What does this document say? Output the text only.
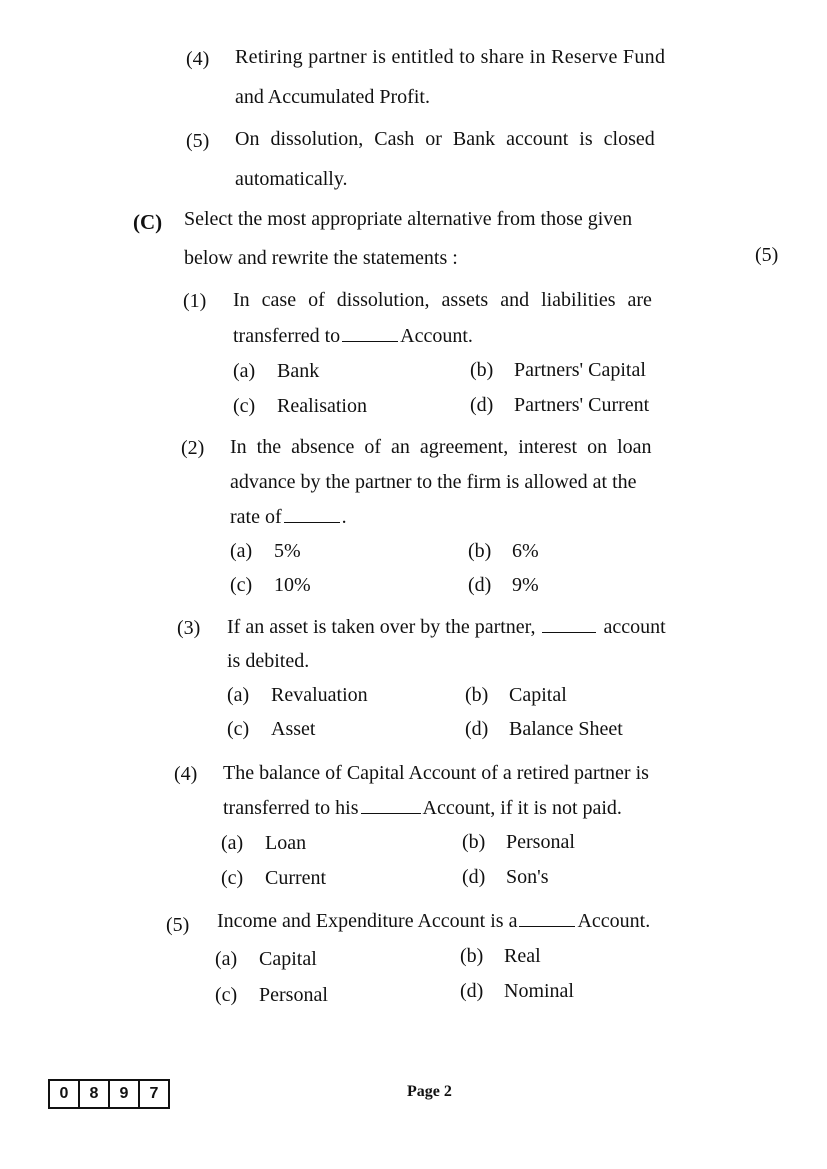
(4) Retiring partner is entitled to share in Reserve Fund
and Accumulated Profit.
(5) On dissolution, Cash or Bank account is closed
automatically.
(C) Select the most appropriate alternative from those given
below and rewrite the statements :	(5)
(1) In case of dissolution, assets and liabilities are
transferred to	Account.
(a) Bank	(b) Partners' Capital
(c) Realisation	(d) Partners' Current
(2) In the absence of an agreement, interest on loan
advance by the partner to the firm is allowed at the
rate of	.
(a) 5%	(b) 6%
(c) 10%	(d) 9%
(3) If an asset is taken over by the partner,	account
is debited.
(a) Revaluation	(b) Capital
(c) Asset	(d) Balance Sheet
(4) The balance of Capital Account of a retired partner is
transferred to his	Account, if it is not paid.
(a) Loan	(b) Personal
(c) Current	(d) Son's
(5) Income and Expenditure Account is a	Account.
(a) Capital	(b) Real
(c) Personal	(d) Nominal
0	8	9	7	Page 2
